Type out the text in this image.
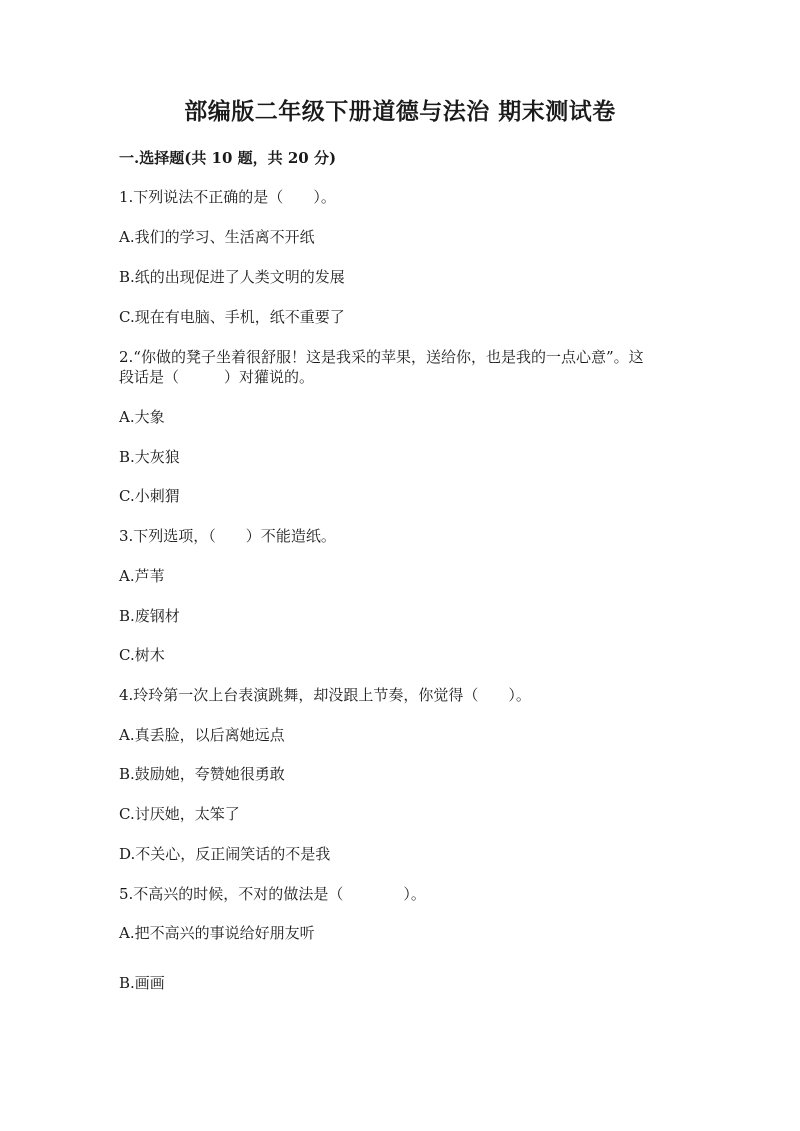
部编版二年级下册道德与法治 期末测试卷
一.选择题(共 10 题，共 20 分)
1.下列说法不正确的是（　　）。
A.我们的学习、生活离不开纸
B.纸的出现促进了人类文明的发展
C.现在有电脑、手机，纸不重要了
2.“你做的凳子坐着很舒服！这是我采的苹果，送给你，也是我的一点心意”。这段话是（　　　）对獾说的。
A.大象
B.大灰狼
C.小刺猬
3.下列选项，（　　）不能造纸。
A.芦苇
B.废钢材
C.树木
4.玲玲第一次上台表演跳舞，却没跟上节奏，你觉得（　　）。
A.真丢脸，以后离她远点
B.鼓励她，夸赞她很勇敢
C.讨厌她，太笨了
D.不关心，反正闹笑话的不是我
5.不高兴的时候，不对的做法是（　　　　）。
A.把不高兴的事说给好朋友听
B.画画
